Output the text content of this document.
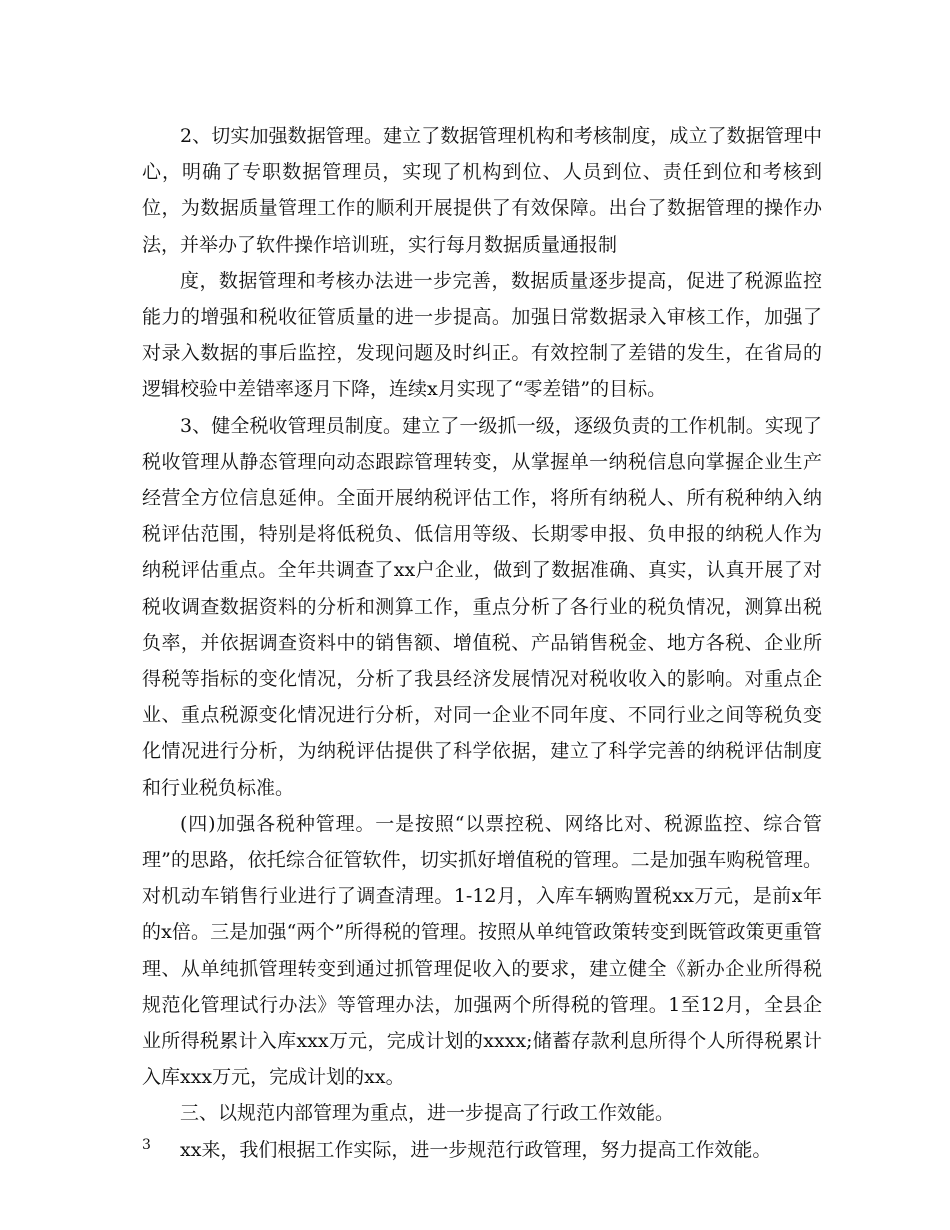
2、切实加强数据管理。建立了数据管理机构和考核制度，成立了数据管理中心，明确了专职数据管理员，实现了机构到位、人员到位、责任到位和考核到位，为数据质量管理工作的顺利开展提供了有效保障。出台了数据管理的操作办法，并举办了软件操作培训班，实行每月数据质量通报制

度，数据管理和考核办法进一步完善，数据质量逐步提高，促进了税源监控能力的增强和税收征管质量的进一步提高。加强日常数据录入审核工作，加强了对录入数据的事后监控，发现问题及时纠正。有效控制了差错的发生，在省局的逻辑校验中差错率逐月下降，连续x月实现了“零差错”的目标。

3、健全税收管理员制度。建立了一级抓一级，逐级负责的工作机制。实现了税收管理从静态管理向动态跟踪管理转变，从掌握单一纳税信息向掌握企业生产经营全方位信息延伸。全面开展纳税评估工作，将所有纳税人、所有税种纳入纳税评估范围，特别是将低税负、低信用等级、长期零申报、负申报的纳税人作为纳税评估重点。全年共调查了xx户企业，做到了数据准确、真实，认真开展了对税收调查数据资料的分析和测算工作，重点分析了各行业的税负情况，测算出税负率，并依据调查资料中的销售额、增值税、产品销售税金、地方各税、企业所得税等指标的变化情况，分析了我县经济发展情况对税收收入的影响。对重点企业、重点税源变化情况进行分析，对同一企业不同年度、不同行业之间等税负变化情况进行分析，为纳税评估提供了科学依据，建立了科学完善的纳税评估制度和行业税负标准。

(四)加强各税种管理。一是按照“以票控税、网络比对、税源监控、综合管理”的思路，依托综合征管软件，切实抓好增值税的管理。二是加强车购税管理。对机动车销售行业进行了调查清理。1-12月，入库车辆购置税xx万元，是前x年的x倍。三是加强“两个”所得税的管理。按照从单纯管政策转变到既管政策更重管理、从单纯抓管理转变到通过抓管理促收入的要求，建立健全《新办企业所得税规范化管理试行办法》等管理办法，加强两个所得税的管理。1至12月，全县企业所得税累计入库xxx万元，完成计划的xxxx;储蓄存款利息所得个人所得税累计入库xxx万元，完成计划的xx。

三、以规范内部管理为重点，进一步提高了行政工作效能。

xx来，我们根据工作实际，进一步规范行政管理，努力提高工作效能。

3
